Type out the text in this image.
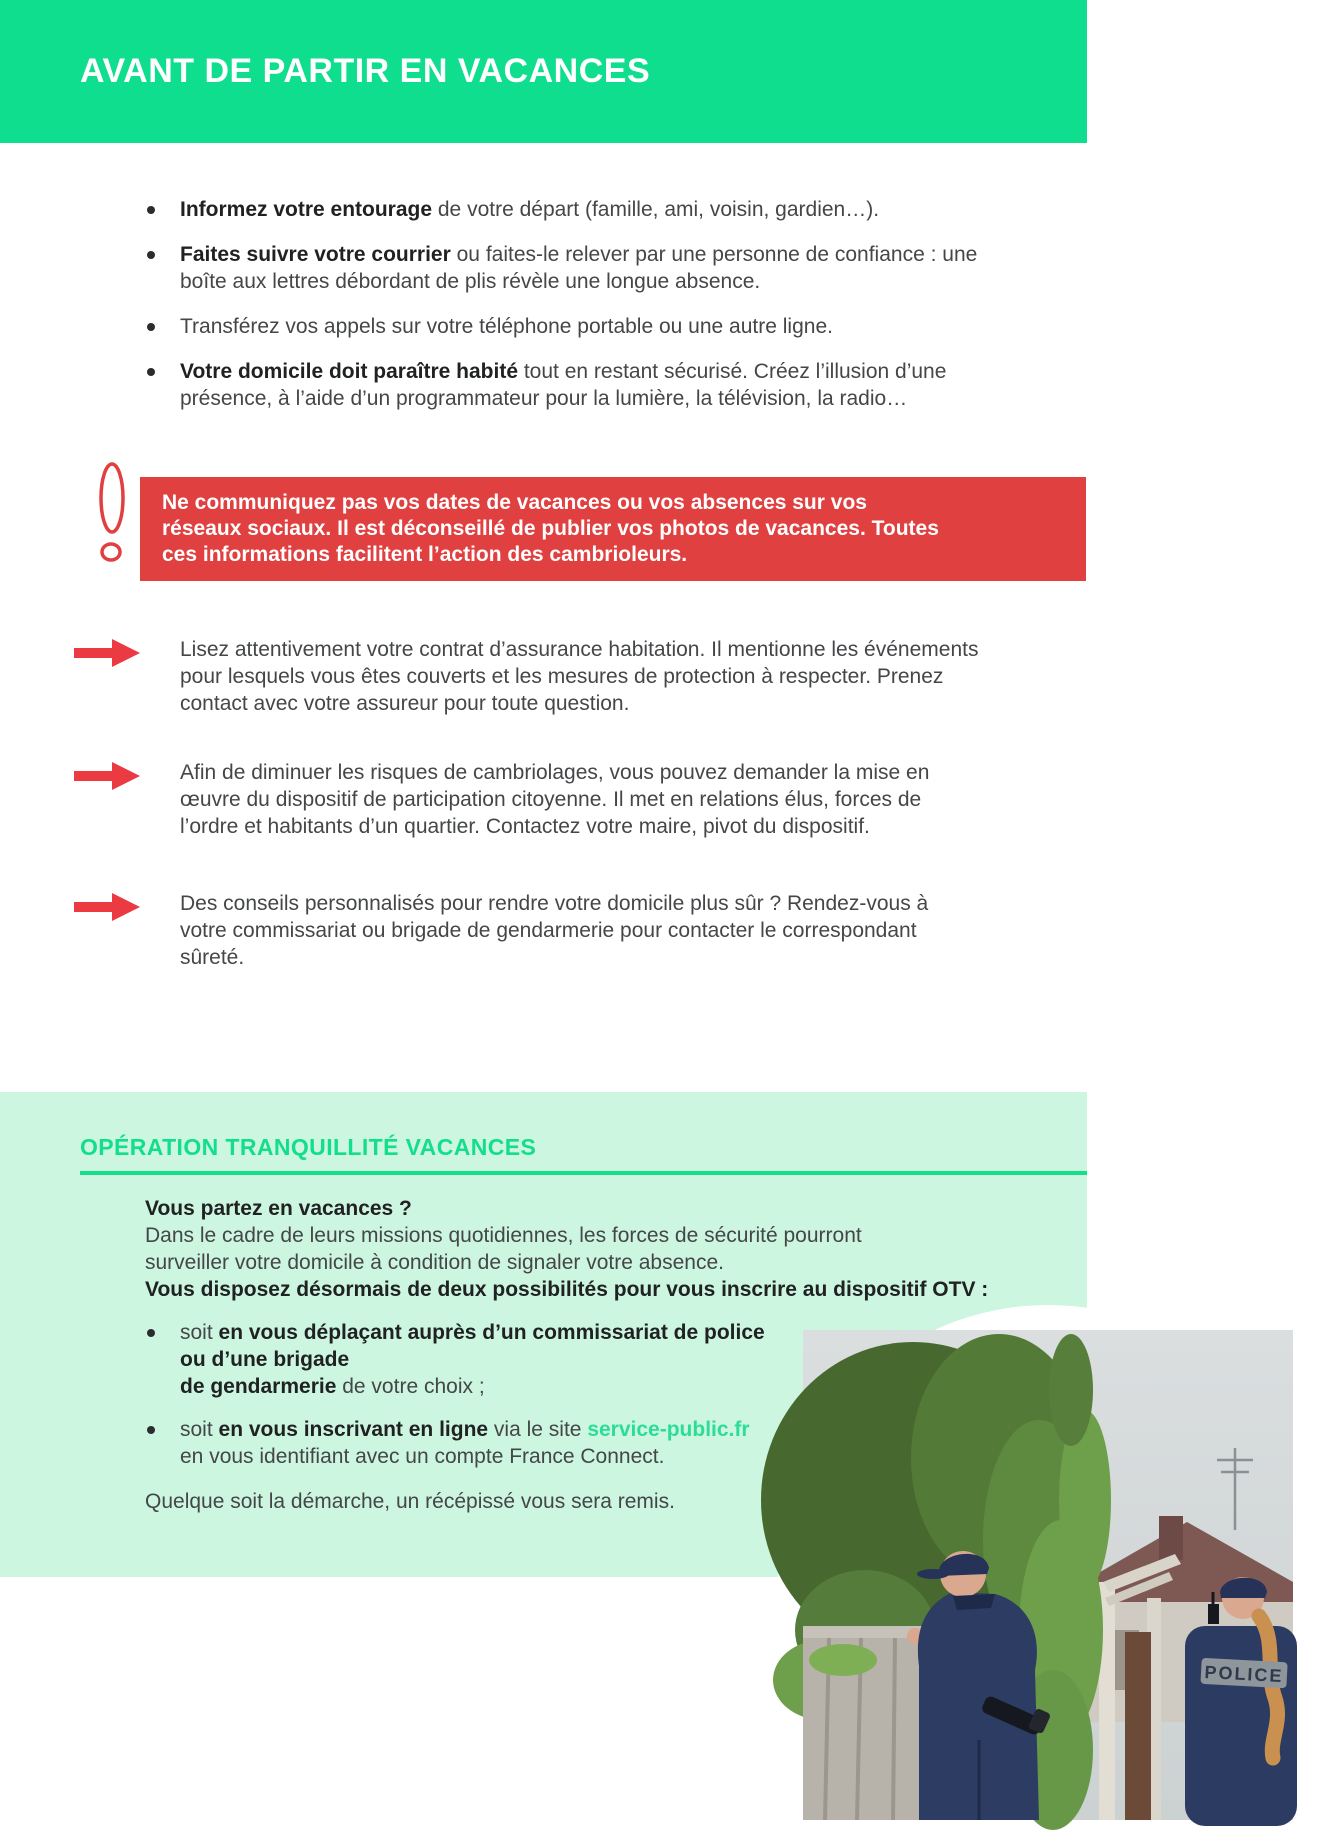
AVANT DE PARTIR EN VACANCES
Informez votre entourage de votre départ (famille, ami, voisin, gardien…).
Faites suivre votre courrier ou faites-le relever par une personne de confiance : une boîte aux lettres débordant de plis révèle une longue absence.
Transférez vos appels sur votre téléphone portable ou une autre ligne.
Votre domicile doit paraître habité tout en restant sécurisé. Créez l’illusion d’une présence, à l’aide d’un programmateur pour la lumière, la télévision, la radio…

Ne communiquez pas vos dates de vacances ou vos absences sur vos réseaux sociaux. Il est déconseillé de publier vos photos de vacances. Toutes ces informations facilitent l’action des cambrioleurs.

Lisez attentivement votre contrat d’assurance habitation. Il mentionne les événements pour lesquels vous êtes couverts et les mesures de protection à respecter. Prenez contact avec votre assureur pour toute question.

Afin de diminuer les risques de cambriolages, vous pouvez demander la mise en œuvre du dispositif de participation citoyenne. Il met en relations élus, forces de l’ordre et habitants d’un quartier. Contactez votre maire, pivot du dispositif.

Des conseils personnalisés pour rendre votre domicile plus sûr ? Rendez-vous à votre commissariat ou brigade de gendarmerie pour contacter le correspondant sûreté.

OPÉRATION TRANQUILLITÉ VACANCES

Vous partez en vacances ?

Dans le cadre de leurs missions quotidiennes, les forces de sécurité pourront surveiller votre domicile à condition de signaler votre absence.

Vous disposez désormais de deux possibilités pour vous inscrire au dispositif OTV :

soit en vous déplaçant auprès d’un commissariat de police
ou d’une brigade
de gendarmerie de votre choix ;
soit en vous inscrivant en ligne via le site service-public.fr
en vous identifiant avec un compte France Connect.

Quelque soit la démarche, un récépissé vous sera remis.

POLICE
